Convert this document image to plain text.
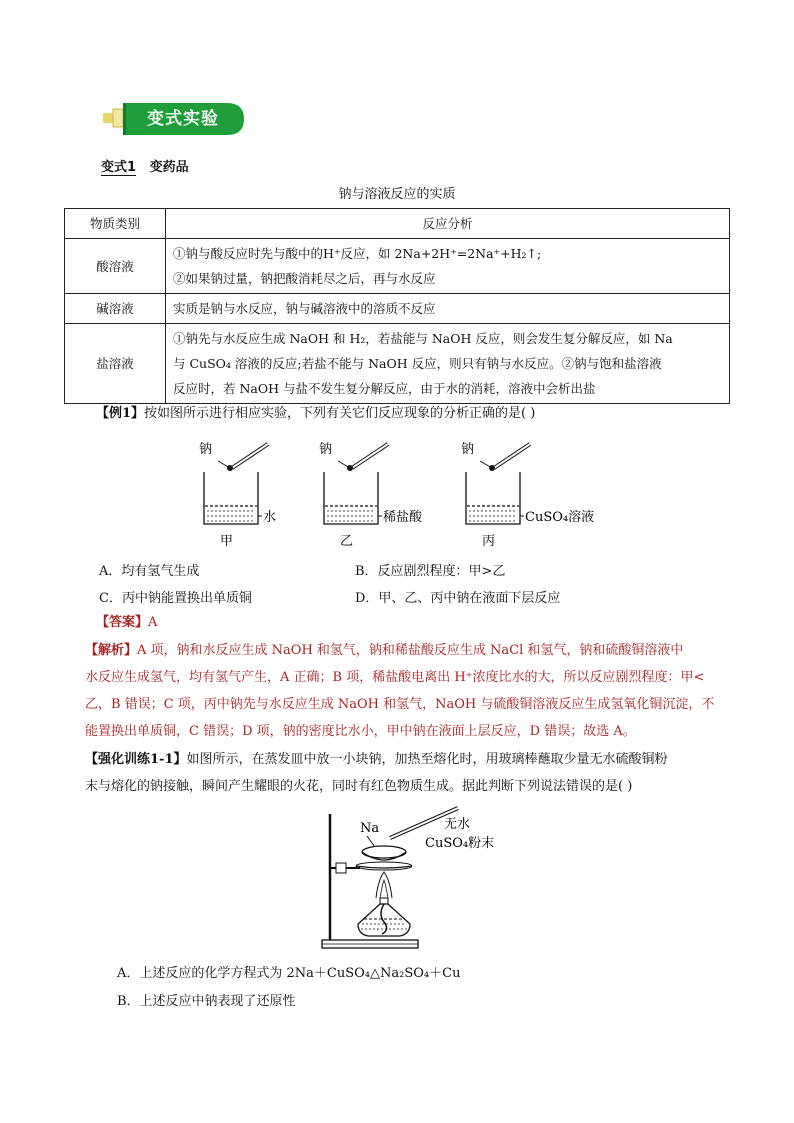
变式实验
变式1 变药品
钠与溶液反应的实质
物质类别	反应分析
酸溶液	①钠与酸反应时先与酸中的H⁺反应，如 2Na+2H⁺=2Na⁺+H₂↑;
②如果钠过量，钠把酸消耗尽之后，再与水反应

碱溶液	实质是钠与水反应，钠与碱溶液中的溶质不反应

盐溶液	①钠先与水反应生成 NaOH 和 H₂，若盐能与 NaOH 反应，则会发生复分解反应，如 Na
与 CuSO₄ 溶液的反应;若盐不能与 NaOH 反应，则只有钠与水反应。②钠与饱和盐溶液
反应时，若 NaOH 与盐不发生复分解反应，由于水的消耗，溶液中会析出盐
【例1】按如图所示进行相应实验，下列有关它们反应现象的分析正确的是( )
钠
水
甲
钠
稀盐酸
乙
钠
CuSO₄溶液
丙
A．均有氢气生成	B．反应剧烈程度：甲>乙
C．丙中钠能置换出单质铜	D．甲、乙、丙中钠在液面下层反应
【答案】A
【解析】A 项，钠和水反应生成 NaOH 和氢气，钠和稀盐酸反应生成 NaCl 和氢气，钠和硫酸铜溶液中
水反应生成氢气，均有氢气产生，A 正确；B 项，稀盐酸电离出 H⁺浓度比水的大，所以反应剧烈程度：甲<
乙，B 错误；C 项，丙中钠先与水反应生成 NaOH 和氢气，NaOH 与硫酸铜溶液反应生成氢氧化铜沉淀，不
能置换出单质铜，C 错误；D 项，钠的密度比水小，甲中钠在液面上层反应，D 错误；故选 A。
【强化训练1-1】如图所示，在蒸发皿中放一小块钠，加热至熔化时，用玻璃棒蘸取少量无水硫酸铜粉
末与熔化的钠接触，瞬间产生耀眼的火花，同时有红色物质生成。据此判断下列说法错误的是( )
Na	无水
CuSO₄粉末
A．上述反应的化学方程式为 2Na＋CuSO₄△Na₂SO₄＋Cu
B．上述反应中钠表现了还原性
